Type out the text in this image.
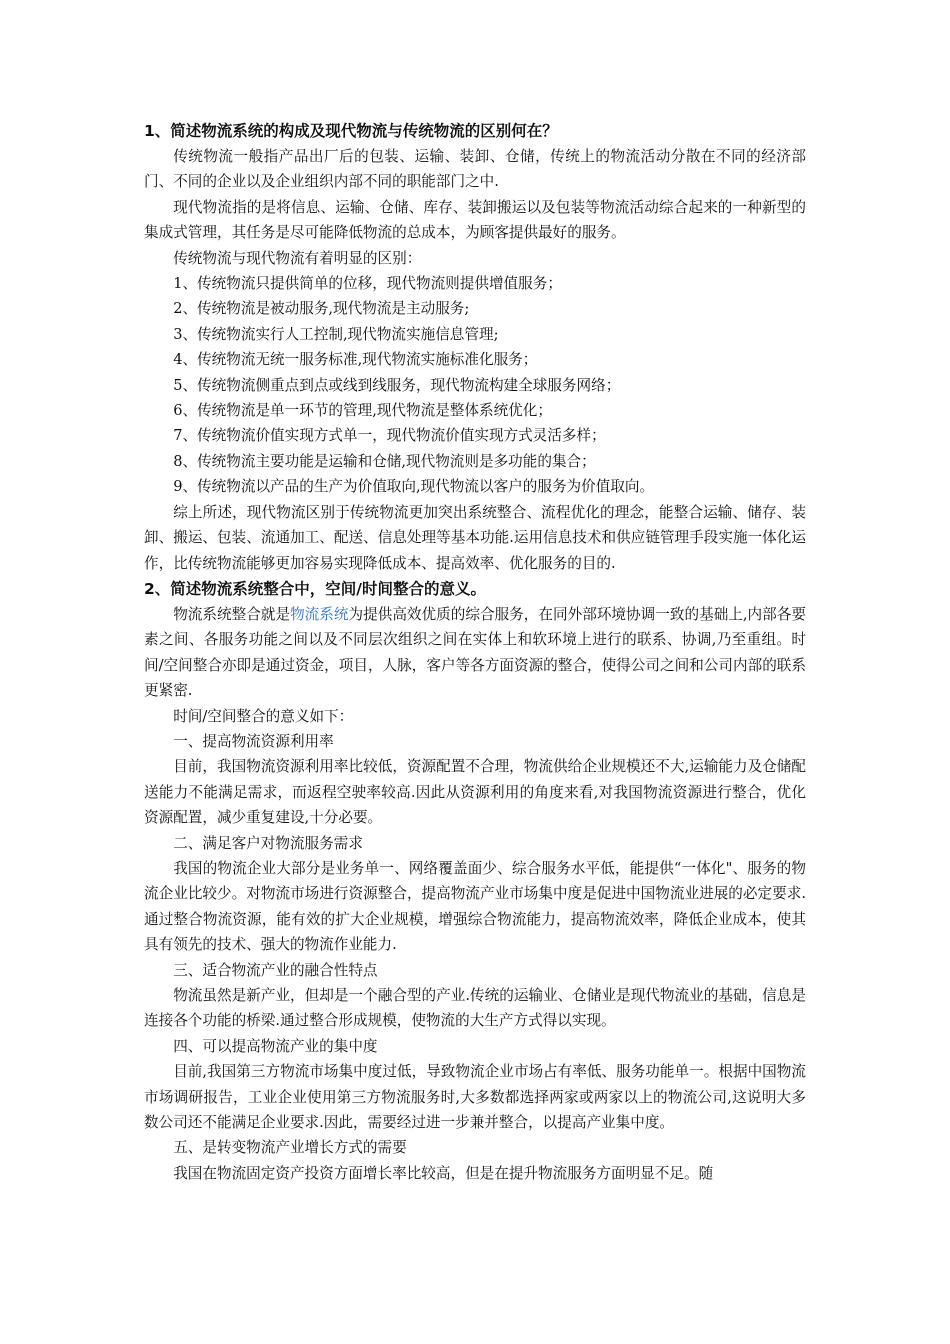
1、简述物流系统的构成及现代物流与传统物流的区别何在？

传统物流一般指产品出厂后的包装、运输、装卸、仓储，传统上的物流活动分散在不同的经济部门、不同的企业以及企业组织内部不同的职能部门之中.

现代物流指的是将信息、运输、仓储、库存、装卸搬运以及包装等物流活动综合起来的一种新型的集成式管理，其任务是尽可能降低物流的总成本，为顾客提供最好的服务。

传统物流与现代物流有着明显的区别：

1、传统物流只提供简单的位移，现代物流则提供增值服务；

2、传统物流是被动服务,现代物流是主动服务;

3、传统物流实行人工控制,现代物流实施信息管理;

4、传统物流无统一服务标准,现代物流实施标准化服务；

5、传统物流侧重点到点或线到线服务，现代物流构建全球服务网络；

6、传统物流是单一环节的管理,现代物流是整体系统优化；

7、传统物流价值实现方式单一，现代物流价值实现方式灵活多样；

8、传统物流主要功能是运输和仓储,现代物流则是多功能的集合；

9、传统物流以产品的生产为价值取向,现代物流以客户的服务为价值取向。

综上所述，现代物流区别于传统物流更加突出系统整合、流程优化的理念，能整合运输、储存、装卸、搬运、包装、流通加工、配送、信息处理等基本功能.运用信息技术和供应链管理手段实施一体化运作，比传统物流能够更加容易实现降低成本、提高效率、优化服务的目的.

2、简述物流系统整合中，空间/时间整合的意义。

物流系统整合就是物流系统为提供高效优质的综合服务，在同外部环境协调一致的基础上,内部各要素之间、各服务功能之间以及不同层次组织之间在实体上和软环境上进行的联系、协调,乃至重组。时间/空间整合亦即是通过资金，项目，人脉，客户等各方面资源的整合，使得公司之间和公司内部的联系更紧密.

时间/空间整合的意义如下：

一、提高物流资源利用率

目前，我国物流资源利用率比较低，资源配置不合理，物流供给企业规模还不大,运输能力及仓储配送能力不能满足需求，而返程空驶率较高.因此从资源利用的角度来看,对我国物流资源进行整合，优化资源配置，减少重复建设,十分必要。

二、满足客户对物流服务需求

我国的物流企业大部分是业务单一、网络覆盖面少、综合服务水平低，能提供“一体化"、服务的物流企业比较少。对物流市场进行资源整合，提高物流产业市场集中度是促进中国物流业进展的必定要求.通过整合物流资源，能有效的扩大企业规模，增强综合物流能力，提高物流效率，降低企业成本，使其具有领先的技术、强大的物流作业能力.

三、适合物流产业的融合性特点

物流虽然是新产业，但却是一个融合型的产业.传统的运输业、仓储业是现代物流业的基础，信息是连接各个功能的桥梁.通过整合形成规模，使物流的大生产方式得以实现。

四、可以提高物流产业的集中度

目前,我国第三方物流市场集中度过低，导致物流企业市场占有率低、服务功能单一。根据中国物流市场调研报告，工业企业使用第三方物流服务时,大多数都选择两家或两家以上的物流公司,这说明大多数公司还不能满足企业要求.因此，需要经过进一步兼并整合，以提高产业集中度。

五、是转变物流产业增长方式的需要

我国在物流固定资产投资方面增长率比较高，但是在提升物流服务方面明显不足。随
